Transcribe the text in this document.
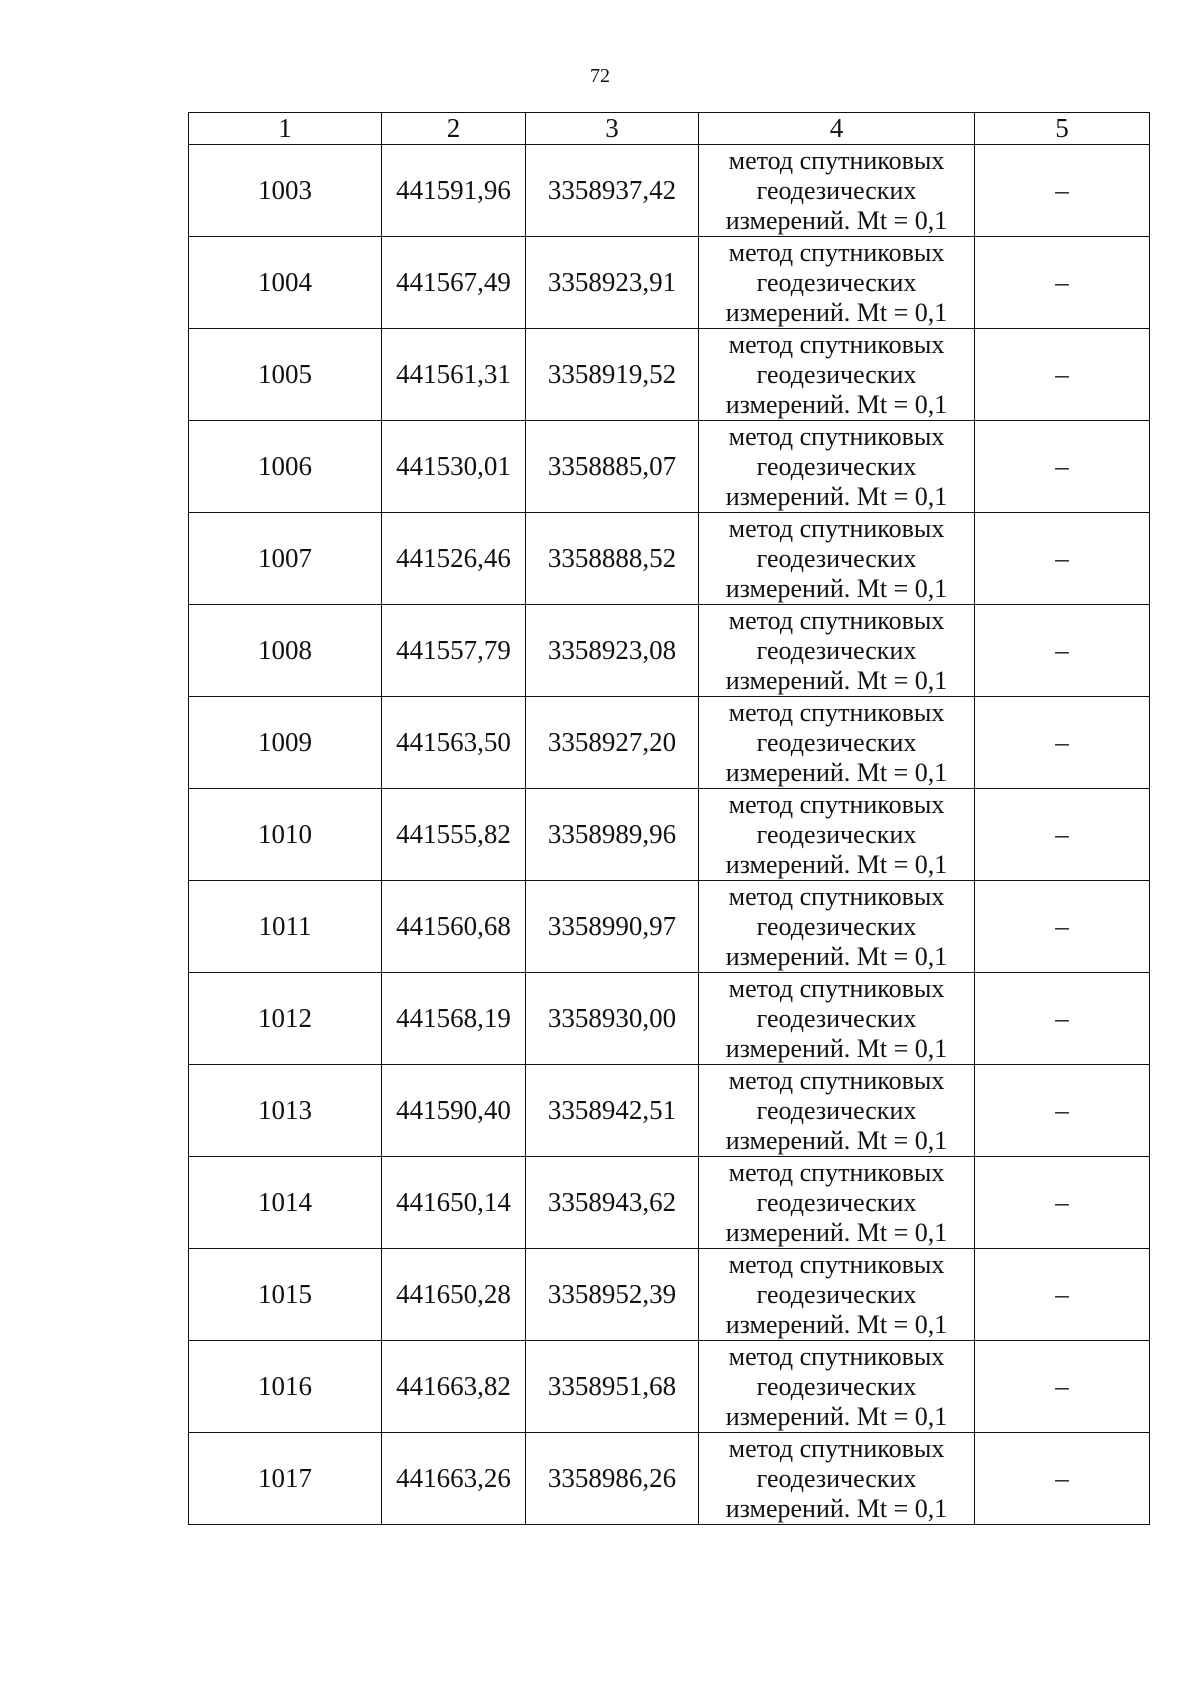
72
1	2	3	4	5
1003	441591,96	3358937,42	метод спутниковых
геодезических
измерений. Mt = 0,1	–
1004	441567,49	3358923,91	метод спутниковых
геодезических
измерений. Mt = 0,1	–
1005	441561,31	3358919,52	метод спутниковых
геодезических
измерений. Mt = 0,1	–
1006	441530,01	3358885,07	метод спутниковых
геодезических
измерений. Mt = 0,1	–
1007	441526,46	3358888,52	метод спутниковых
геодезических
измерений. Mt = 0,1	–
1008	441557,79	3358923,08	метод спутниковых
геодезических
измерений. Mt = 0,1	–
1009	441563,50	3358927,20	метод спутниковых
геодезических
измерений. Mt = 0,1	–
1010	441555,82	3358989,96	метод спутниковых
геодезических
измерений. Mt = 0,1	–
1011	441560,68	3358990,97	метод спутниковых
геодезических
измерений. Mt = 0,1	–
1012	441568,19	3358930,00	метод спутниковых
геодезических
измерений. Mt = 0,1	–
1013	441590,40	3358942,51	метод спутниковых
геодезических
измерений. Mt = 0,1	–
1014	441650,14	3358943,62	метод спутниковых
геодезических
измерений. Mt = 0,1	–
1015	441650,28	3358952,39	метод спутниковых
геодезических
измерений. Mt = 0,1	–
1016	441663,82	3358951,68	метод спутниковых
геодезических
измерений. Mt = 0,1	–
1017	441663,26	3358986,26	метод спутниковых
геодезических
измерений. Mt = 0,1	–
